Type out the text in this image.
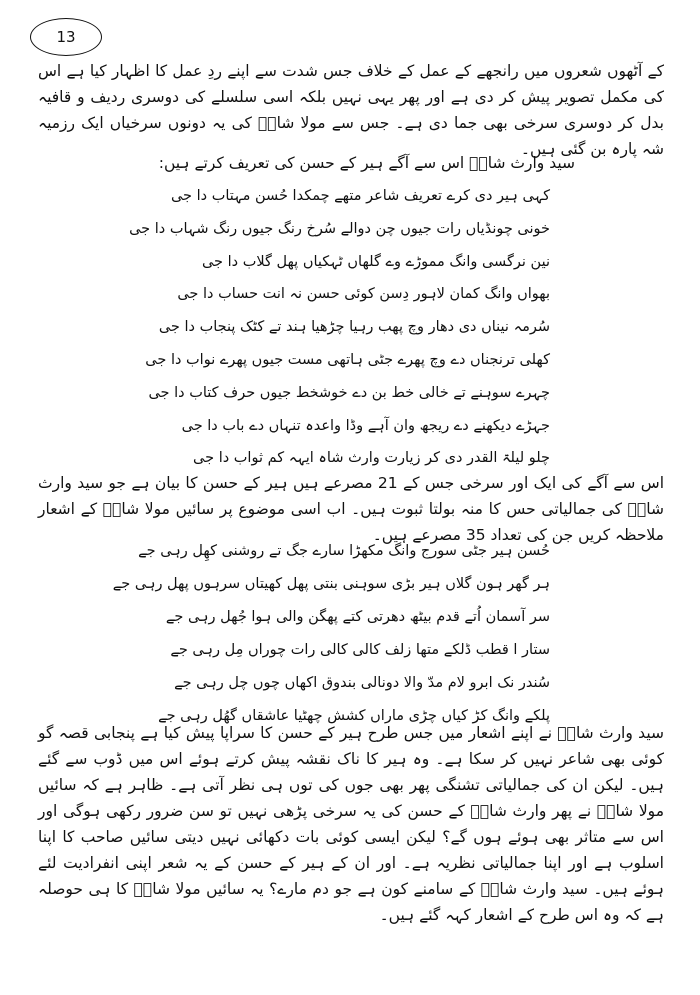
13

کے آٹھوں شعروں میں رانجھے کے عمل کے خلاف جس شدت سے اپنے ردِ عمل کا اظہار کیا ہے اس کی مکمل تصویر پیش کر دی ہے اور پھر یہی نہیں بلکہ اسی سلسلے کی دوسری ردیف و قافیہ بدل کر دوسری سرخی بھی جما دی ہے۔ جس سے مولا شاہؒ کی یہ دونوں سرخیاں ایک رزمیہ شہ پارہ بن گئی ہیں۔

سید وارث شاہؒ اس سے آگے ہیر کے حسن کی تعریف کرتے ہیں:

کہی ہیر دی کرے تعریف شاعر متھے چمکدا حُسن مہتاب دا جی
خونی چونڈیاں رات جیوں چن دوالے سُرخ رنگ جیوں رنگ شہاب دا جی
نین نرگسی وانگ مموڑے وے گلھاں ٹہکیاں پھل گلاب دا جی
بھواں وانگ کمان لاہور دِسن کوئی حسن نہ انت حساب دا جی
سُرمہ نیناں دی دھار وچ پھب رہیا چڑھیا ہند تے کٹک پنجاب دا جی
کھلی ترنجناں دے وچ پھرے جٹی ہاتھی مست جیوں پھرے نواب دا جی
چہرے سوہنے تے خالی خط بن دے خوشخط جیوں حرف کتاب دا جی
جہڑے دیکھنے دے ریجھ وان آہے وڈا واعدہ تنہاں دے باب دا جی
چلو لیلۃ القدر دی کر زیارت وارث شاہ ایہہ کم ثواب دا جی

اس سے آگے کی ایک اور سرخی جس کے 21 مصرعے ہیں ہیر کے حسن کا بیان ہے جو سید وارث شاہؒ کی جمالیاتی حس کا منہ بولتا ثبوت ہیں۔ اب اسی موضوع پر سائیں مولا شاہؒ کے اشعار ملاحظہ کریں جن کی تعداد 35 مصرعے ہیں۔

حُسن ہیر جٹی سورج وانگ مکھڑا سارے جگ تے روشنی کھِل رہی جے
ہر گھر ہون گلاں ہیر بڑی سوہنی بنتی پھل کھیتاں سرہوں پھل رہی جے
سر آسمان اُتے قدم بیٹھ دھرتی کتے پھگن والی ہوا جُھل رہی جے
ستار ا قطب ڈلکے متھا زلف کالی کالی رات چوراں مِل رہی جے
سُندر نک ابرو لام مدّ والا دونالی بندوق اکھاں چوں چل رہی جے
پلکے وانگ کڑ کیاں چڑی ماراں کشش چھٹیا عاشقاں گھُل رہی جے

سید وارث شاہؒ نے اپنے اشعار میں جس طرح ہیر کے حسن کا سراپا پیش کیا ہے پنجابی قصہ گو کوئی بھی شاعر نہیں کر سکا ہے۔ وہ ہیر کا ناک نقشہ پیش کرتے ہوئے اس میں ڈوب سے گئے ہیں۔ لیکن ان کی جمالیاتی تشنگی پھر بھی جوں کی توں ہی نظر آتی ہے۔ ظاہر ہے کہ سائیں مولا شاہؒ نے پھر وارث شاہؒ کے حسن کی یہ سرخی پڑھی نہیں تو سن ضرور رکھی ہوگی اور اس سے متاثر بھی ہوئے ہوں گے؟ لیکن ایسی کوئی بات دکھائی نہیں دیتی سائیں صاحب کا اپنا اسلوب ہے اور اپنا جمالیاتی نظریہ ہے۔ اور ان کے ہیر کے حسن کے یہ شعر اپنی انفرادیت لئے ہوئے ہیں۔ سید وارث شاہؒ کے سامنے کون ہے جو دم مارے؟ یہ سائیں مولا شاہؒ کا ہی حوصلہ ہے کہ وہ اس طرح کے اشعار کہہ گئے ہیں۔
